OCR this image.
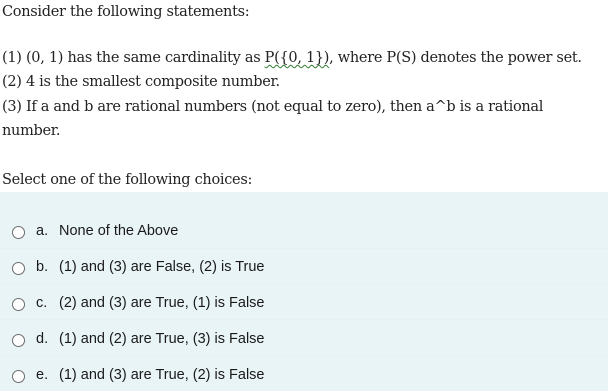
Consider the following statements:
(1) (0, 1) has the same cardinality as P({0, 1}), where P(S) denotes the power set.
(2) 4 is the smallest composite number.
(3) If a and b are rational numbers (not equal to zero), then a^b is a rational
number.
Select one of the following choices:
a. None of the Above
b. (1) and (3) are False, (2) is True
c. (2) and (3) are True, (1) is False
d. (1) and (2) are True, (3) is False
e. (1) and (3) are True, (2) is False
